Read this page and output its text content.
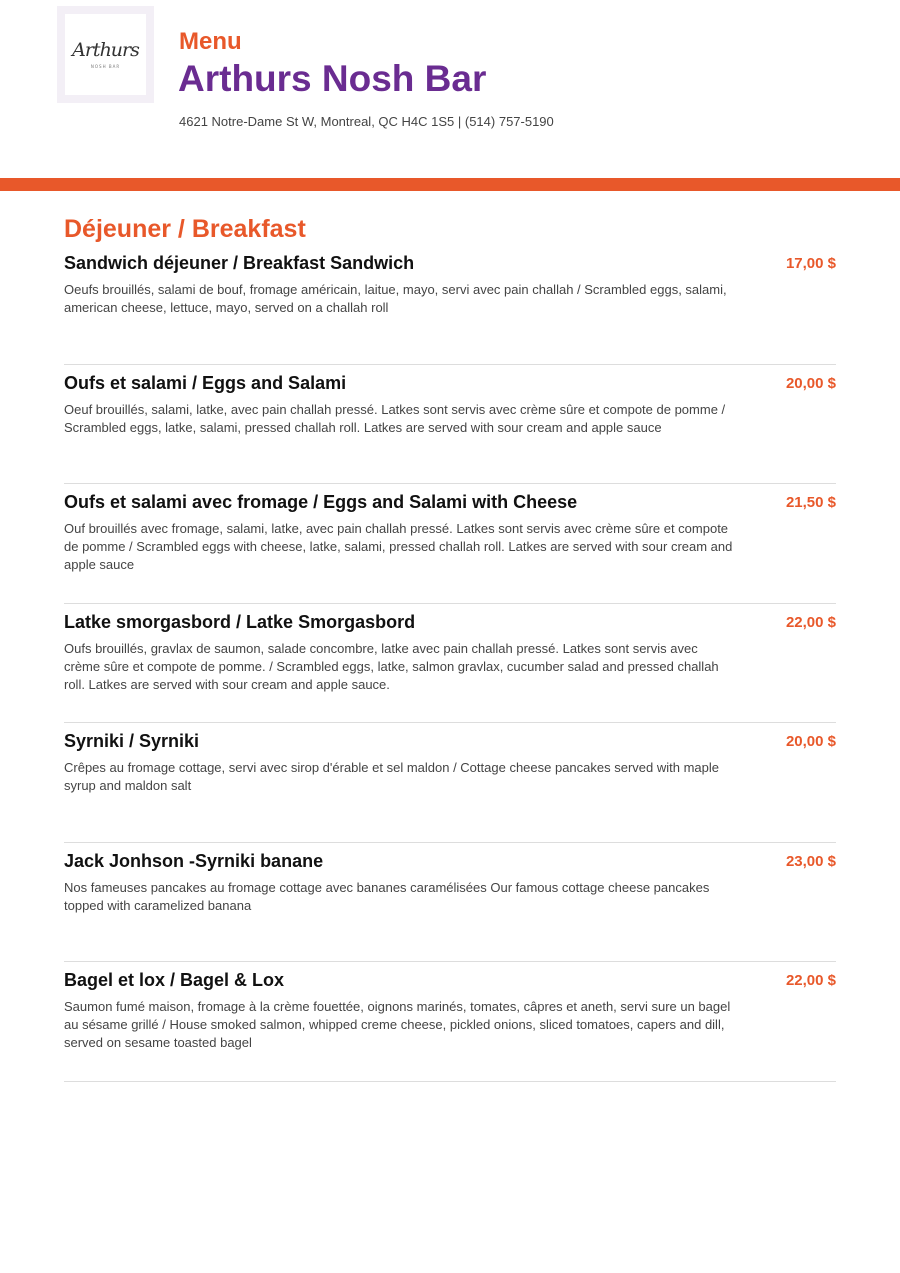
Arthurs
NOSH BAR
Menu
Arthurs Nosh Bar
4621 Notre-Dame St W, Montreal, QC H4C 1S5 | (514) 757-5190
Déjeuner / Breakfast
Sandwich déjeuner / Breakfast Sandwich	17,00 $
Oeufs brouillés, salami de bouf, fromage américain, laitue, mayo, servi avec pain challah / Scrambled eggs, salami, american cheese, lettuce, mayo, served on a challah roll
Oufs et salami / Eggs and Salami	20,00 $
Oeuf brouillés, salami, latke, avec pain challah pressé. Latkes sont servis avec crème sûre et compote de pomme / Scrambled eggs, latke, salami, pressed challah roll. Latkes are served with sour cream and apple sauce
Oufs et salami avec fromage / Eggs and Salami with Cheese	21,50 $
Ouf brouillés avec fromage, salami, latke, avec pain challah pressé. Latkes sont servis avec crème sûre et compote de pomme / Scrambled eggs with cheese, latke, salami, pressed challah roll. Latkes are served with sour cream and apple sauce
Latke smorgasbord / Latke Smorgasbord	22,00 $
Oufs brouillés, gravlax de saumon, salade concombre, latke avec pain challah pressé. Latkes sont servis avec crème sûre et compote de pomme. / Scrambled eggs, latke, salmon gravlax, cucumber salad and pressed challah roll. Latkes are served with sour cream and apple sauce.
Syrniki / Syrniki	20,00 $
Crêpes au fromage cottage, servi avec sirop d'érable et sel maldon / Cottage cheese pancakes served with maple syrup and maldon salt
Jack Jonhson -Syrniki banane	23,00 $
Nos fameuses pancakes au fromage cottage avec bananes caramélisées Our famous cottage cheese pancakes topped with caramelized banana
Bagel et lox / Bagel & Lox	22,00 $
Saumon fumé maison, fromage à la crème fouettée, oignons marinés, tomates, câpres et aneth, servi sure un bagel au sésame grillé / House smoked salmon, whipped creme cheese, pickled onions, sliced tomatoes, capers and dill, served on sesame toasted bagel
